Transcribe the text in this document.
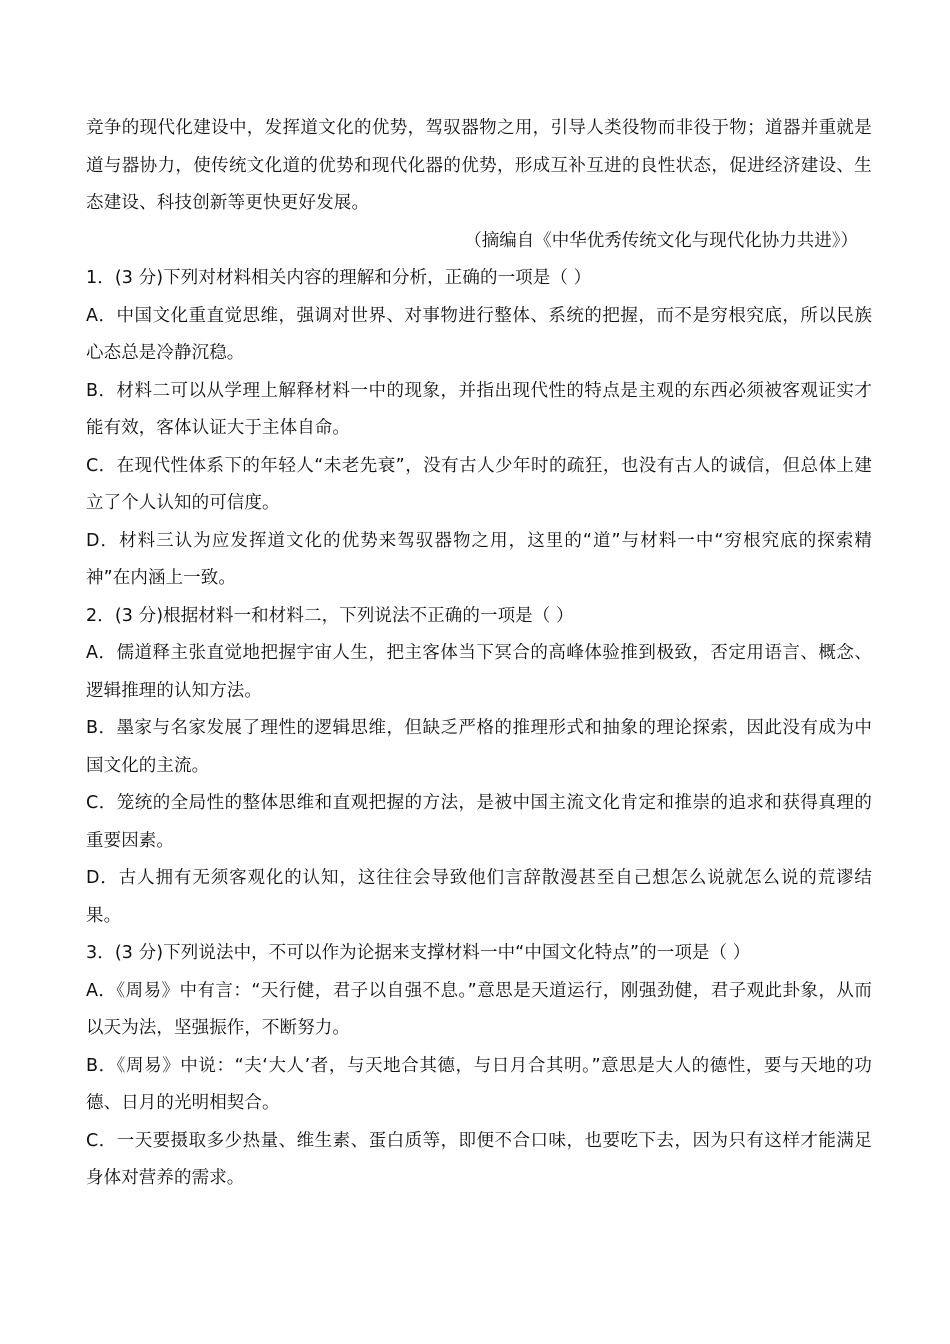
竞争的现代化建设中，发挥道文化的优势，驾驭器物之用，引导人类役物而非役于物；道器并重就是道与器协力，使传统文化道的优势和现代化器的优势，形成互补互进的良性状态，促进经济建设、生态建设、科技创新等更快更好发展。

（摘编自《中华优秀传统文化与现代化协力共进》）

1．(3 分)下列对材料相关内容的理解和分析，正确的一项是（ ）

A．中国文化重直觉思维，强调对世界、对事物进行整体、系统的把握，而不是穷根究底，所以民族心态总是冷静沉稳。

B．材料二可以从学理上解释材料一中的现象，并指出现代性的特点是主观的东西必须被客观证实才能有效，客体认证大于主体自命。

C．在现代性体系下的年轻人“未老先衰”，没有古人少年时的疏狂，也没有古人的诚信，但总体上建立了个人认知的可信度。

D．材料三认为应发挥道文化的优势来驾驭器物之用，这里的“道”与材料一中“穷根究底的探索精神”在内涵上一致。

2．(3 分)根据材料一和材料二，下列说法不正确的一项是（ ）

A．儒道释主张直觉地把握宇宙人生，把主客体当下冥合的高峰体验推到极致，否定用语言、概念、逻辑推理的认知方法。

B．墨家与名家发展了理性的逻辑思维，但缺乏严格的推理形式和抽象的理论探索，因此没有成为中国文化的主流。

C．笼统的全局性的整体思维和直观把握的方法，是被中国主流文化肯定和推崇的追求和获得真理的重要因素。

D．古人拥有无须客观化的认知，这往往会导致他们言辞散漫甚至自己想怎么说就怎么说的荒谬结果。

3．(3 分)下列说法中，不可以作为论据来支撑材料一中“中国文化特点”的一项是（ ）

A．《周易》中有言：“天行健，君子以自强不息。”意思是天道运行，刚强劲健，君子观此卦象，从而以天为法，坚强振作，不断努力。

B．《周易》中说：“夫‘大人’者，与天地合其德，与日月合其明。”意思是大人的德性，要与天地的功德、日月的光明相契合。

C．一天要摄取多少热量、维生素、蛋白质等，即便不合口味，也要吃下去，因为只有这样才能满足身体对营养的需求。
